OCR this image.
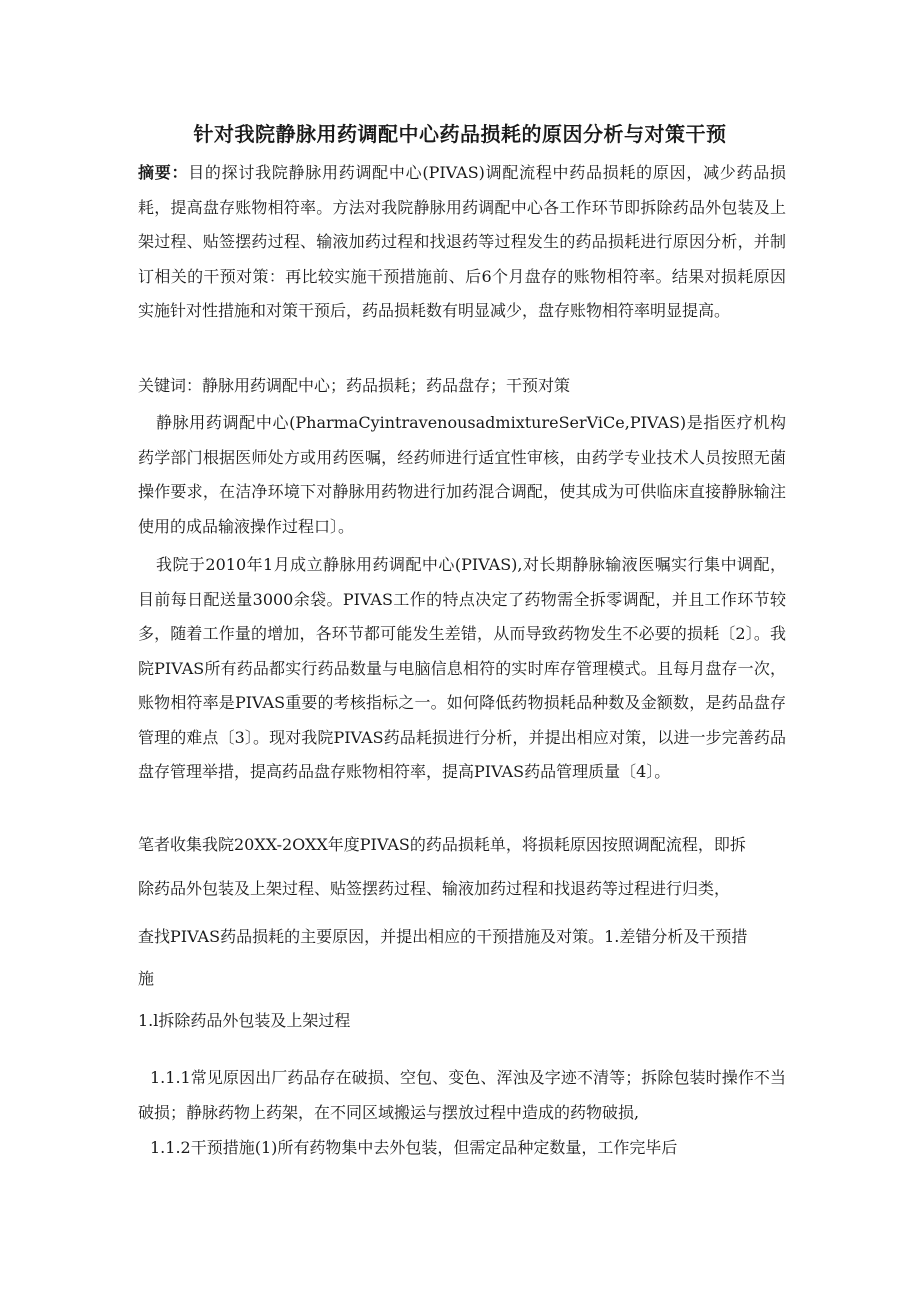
针对我院静脉用药调配中心药品损耗的原因分析与对策干预
摘要：目的探讨我院静脉用药调配中心(PIVAS)调配流程中药品损耗的原因，减少药品损耗，提高盘存账物相符率。方法对我院静脉用药调配中心各工作环节即拆除药品外包装及上架过程、贴签摆药过程、输液加药过程和找退药等过程发生的药品损耗进行原因分析，并制订相关的干预对策：再比较实施干预措施前、后6个月盘存的账物相符率。结果对损耗原因实施针对性措施和对策干预后，药品损耗数有明显减少，盘存账物相符率明显提高。
关键词：静脉用药调配中心；药品损耗；药品盘存；干预对策
静脉用药调配中心(PharmaCyintravenousadmixtureSerViCe,PIVAS)是指医疗机构药学部门根据医师处方或用药医嘱，经药师进行适宜性审核，由药学专业技术人员按照无菌操作要求，在洁净环境下对静脉用药物进行加药混合调配，使其成为可供临床直接静脉输注使用的成品输液操作过程口〕。
我院于2010年1月成立静脉用药调配中心(PIVAS),对长期静脉输液医嘱实行集中调配，目前每日配送量3000余袋。PIVAS工作的特点决定了药物需全拆零调配，并且工作环节较多，随着工作量的增加，各环节都可能发生差错，从而导致药物发生不必要的损耗〔2〕。我院PIVAS所有药品都实行药品数量与电脑信息相符的实时库存管理模式。且每月盘存一次，账物相符率是PIVAS重要的考核指标之一。如何降低药物损耗品种数及金额数，是药品盘存管理的难点〔3〕。现对我院PIVAS药品耗损进行分析，并提出相应对策，以进一步完善药品盘存管理举措，提高药品盘存账物相符率，提高PIVAS药品管理质量〔4〕。
笔者收集我院20XX-2OXX年度PIVAS的药品损耗单，将损耗原因按照调配流程，即拆
除药品外包装及上架过程、贴签摆药过程、输液加药过程和找退药等过程进行归类，
查找PIVAS药品损耗的主要原因，并提出相应的干预措施及对策。1.差错分析及干预措
施
1.l拆除药品外包装及上架过程
1.1.1常见原因出厂药品存在破损、空包、变色、浑浊及字迹不清等；拆除包装时操作不当破损；静脉药物上药架，在不同区域搬运与摆放过程中造成的药物破损,
1.1.2干预措施(1)所有药物集中去外包装，但需定品种定数量，工作完毕后
